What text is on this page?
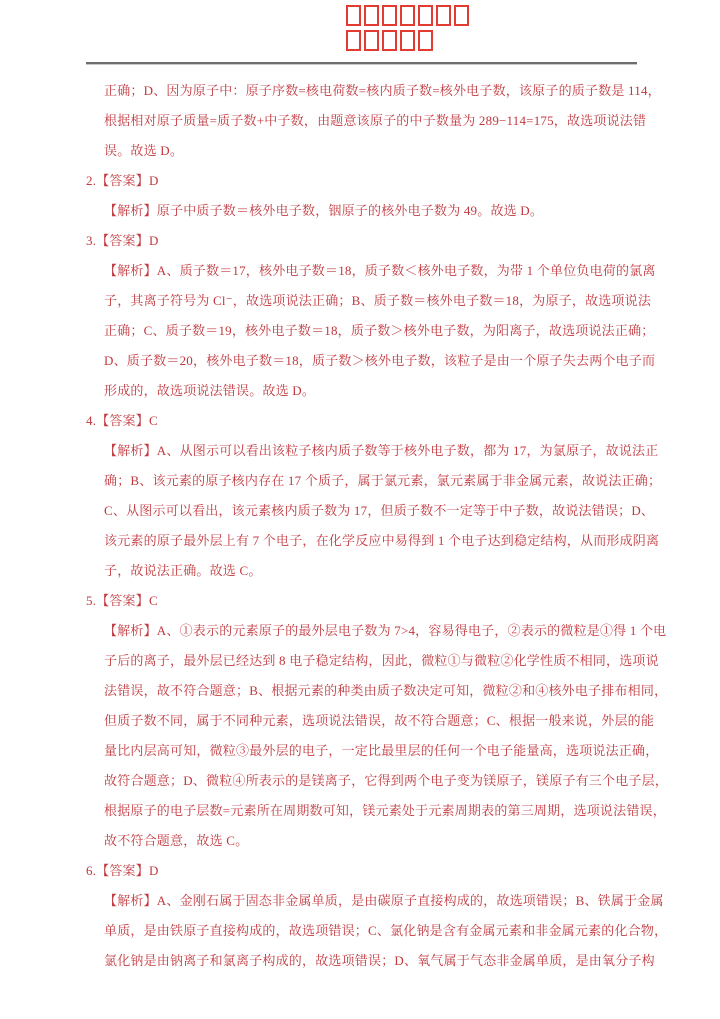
正确；D、因为原子中：原子序数=核电荷数=核内质子数=核外电子数，该原子的质子数是 114，
根据相对原子质量=质子数+中子数，由题意该原子的中子数量为 289−114=175，故选项说法错
误。故选 D。
2.【答案】D
【解析】原子中质子数＝核外电子数，铟原子的核外电子数为 49。故选 D。
3.【答案】D
【解析】A、质子数＝17，核外电子数＝18，质子数＜核外电子数，为带 1 个单位负电荷的氯离
子，其离子符号为 Cl⁻，故选项说法正确；B、质子数＝核外电子数＝18，为原子，故选项说法
正确；C、质子数＝19，核外电子数＝18，质子数＞核外电子数，为阳离子，故选项说法正确；
D、质子数＝20，核外电子数＝18，质子数＞核外电子数，该粒子是由一个原子失去两个电子而
形成的，故选项说法错误。故选 D。
4.【答案】C
【解析】A、从图示可以看出该粒子核内质子数等于核外电子数，都为 17，为氯原子，故说法正
确；B、该元素的原子核内存在 17 个质子，属于氯元素，氯元素属于非金属元素，故说法正确；
C、从图示可以看出，该元素核内质子数为 17，但质子数不一定等于中子数，故说法错误；D、
该元素的原子最外层上有 7 个电子，在化学反应中易得到 1 个电子达到稳定结构，从而形成阴离
子，故说法正确。故选 C。
5.【答案】C
【解析】A、①表示的元素原子的最外层电子数为 7>4，容易得电子，②表示的微粒是①得 1 个电
子后的离子，最外层已经达到 8 电子稳定结构，因此，微粒①与微粒②化学性质不相同，选项说
法错误，故不符合题意；B、根据元素的种类由质子数决定可知，微粒②和④核外电子排布相同，
但质子数不同，属于不同种元素，选项说法错误，故不符合题意；C、根据一般来说，外层的能
量比内层高可知，微粒③最外层的电子，一定比最里层的任何一个电子能量高，选项说法正确，
故符合题意；D、微粒④所表示的是镁离子，它得到两个电子变为镁原子，镁原子有三个电子层，
根据原子的电子层数=元素所在周期数可知，镁元素处于元素周期表的第三周期，选项说法错误，
故不符合题意，故选 C。
6.【答案】D
【解析】A、金刚石属于固态非金属单质，是由碳原子直接构成的，故选项错误；B、铁属于金属
单质，是由铁原子直接构成的，故选项错误；C、氯化钠是含有金属元素和非金属元素的化合物，
氯化钠是由钠离子和氯离子构成的，故选项错误；D、氧气属于气态非金属单质，是由氧分子构
